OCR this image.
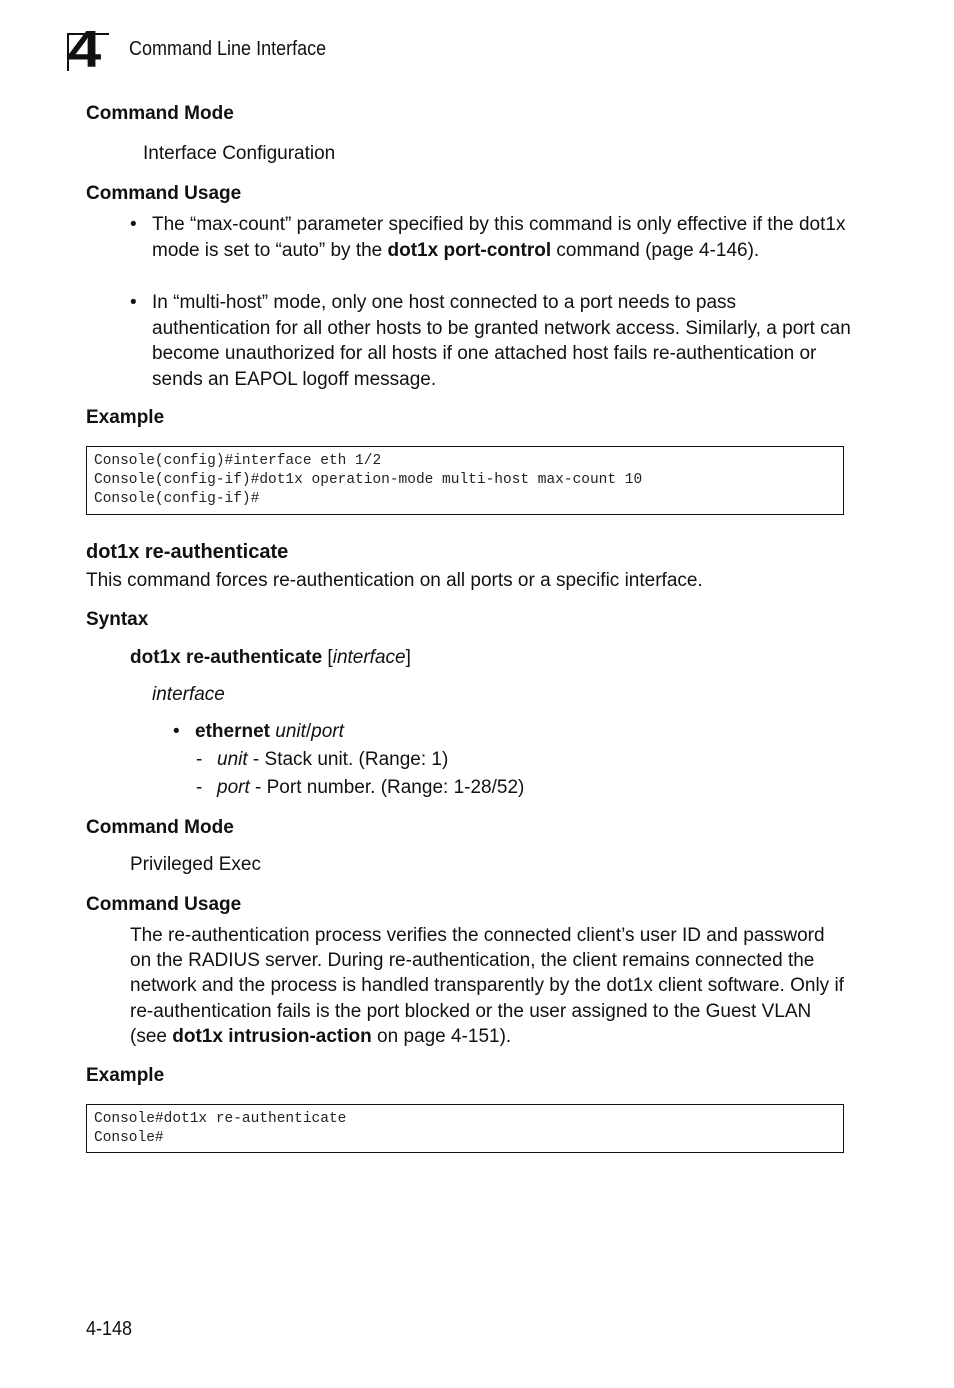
4 Command Line Interface
Command Mode
Interface Configuration
Command Usage
• The “max-count” parameter specified by this command is only effective if the dot1x mode is set to “auto” by the dot1x port-control command (page 4-146).
• In “multi-host” mode, only one host connected to a port needs to pass authentication for all other hosts to be granted network access. Similarly, a port can become unauthorized for all hosts if one attached host fails re-authentication or sends an EAPOL logoff message.
Example
Console(config)#interface eth 1/2
Console(config-if)#dot1x operation-mode multi-host max-count 10
Console(config-if)#
dot1x re-authenticate
This command forces re-authentication on all ports or a specific interface.
Syntax
dot1x re-authenticate [interface]
interface
• ethernet unit/port
- unit - Stack unit. (Range: 1)
- port - Port number. (Range: 1-28/52)
Command Mode
Privileged Exec
Command Usage
The re-authentication process verifies the connected client’s user ID and password on the RADIUS server. During re-authentication, the client remains connected the network and the process is handled transparently by the dot1x client software. Only if re-authentication fails is the port blocked or the user assigned to the Guest VLAN (see dot1x intrusion-action on page 4-151).
Example
Console#dot1x re-authenticate
Console#
4-148
